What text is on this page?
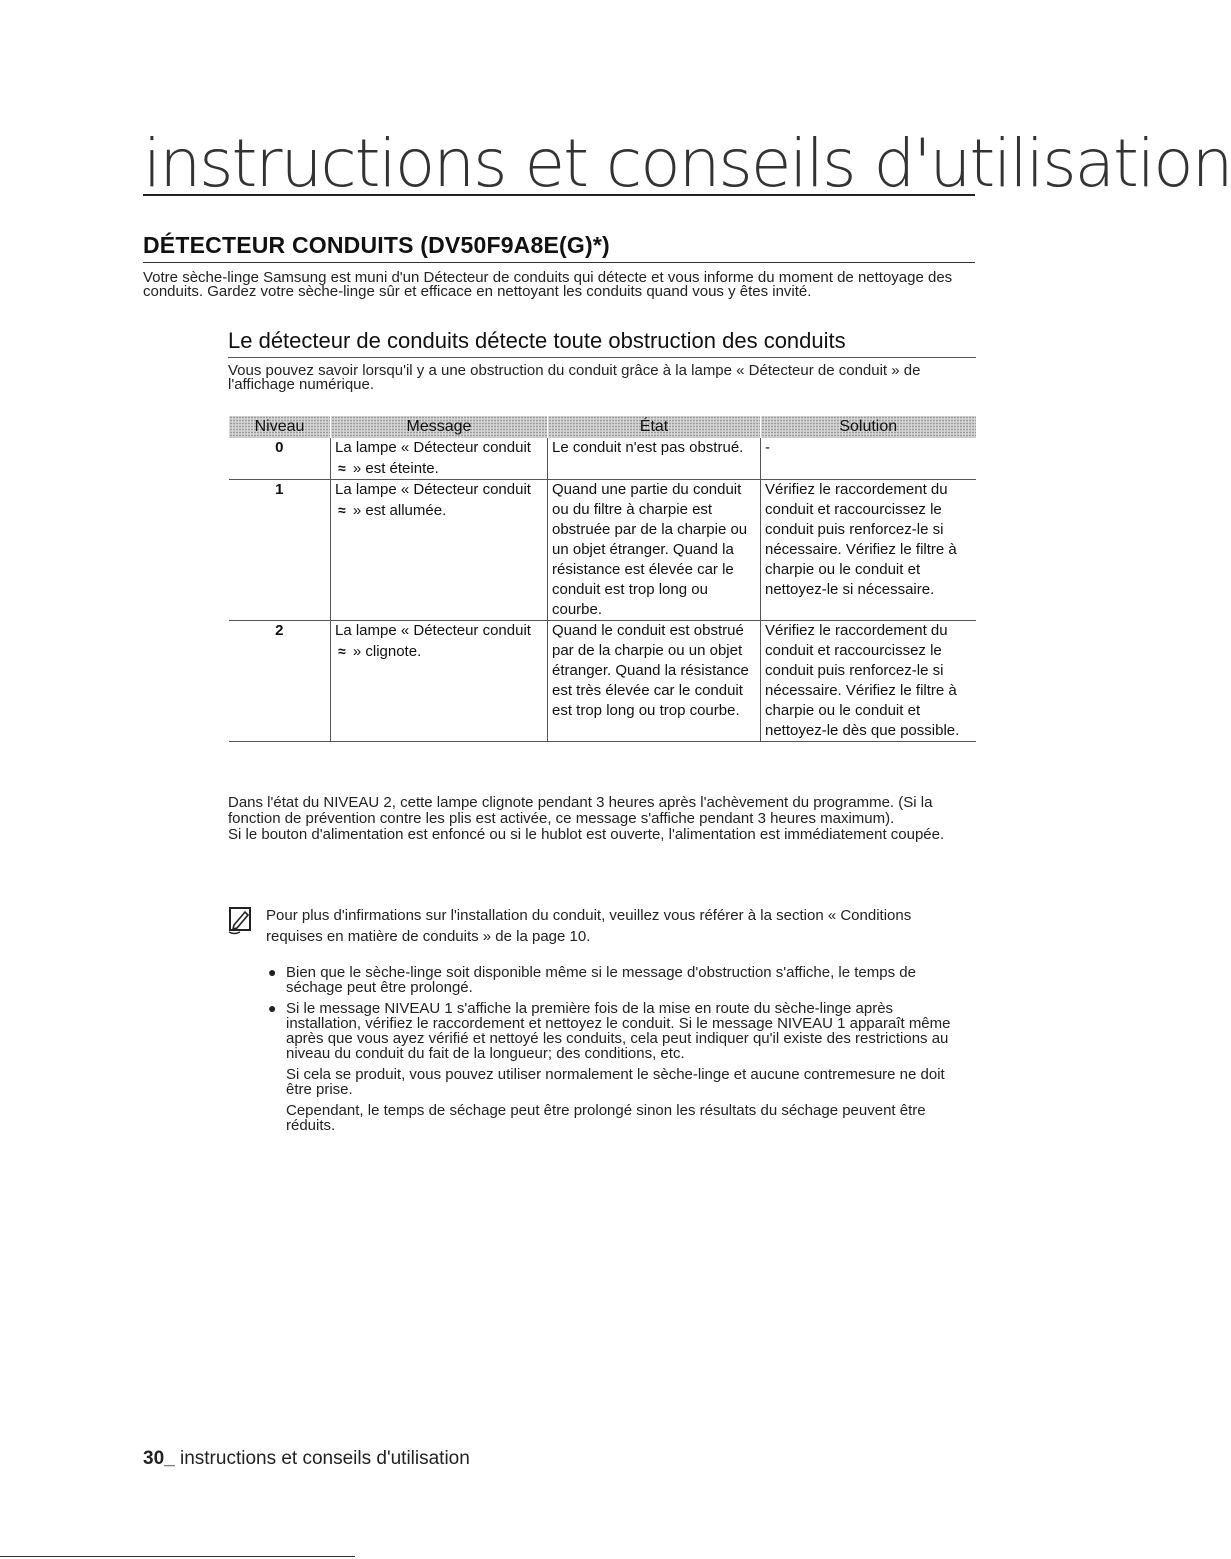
instructions et conseils d'utilisation
DÉTECTEUR CONDUITS (DV50F9A8E(G)*)
Votre sèche-linge Samsung est muni d'un Détecteur de conduits qui détecte et vous informe du moment de nettoyage des conduits. Gardez votre sèche-linge sûr et efficace en nettoyant les conduits quand vous y êtes invité.
Le détecteur de conduits détecte toute obstruction des conduits
Vous pouvez savoir lorsqu'il y a une obstruction du conduit grâce à la lampe « Détecteur de conduit » de l'affichage numérique.
Niveau	Message	État	Solution
0	La lampe « Détecteur conduit ≈ » est éteinte.	Le conduit n'est pas obstrué.	-
1	La lampe « Détecteur conduit ≈ » est allumée.	Quand une partie du conduit ou du filtre à charpie est obstruée par de la charpie ou un objet étranger. Quand la résistance est élevée car le conduit est trop long ou courbe.	Vérifiez le raccordement du conduit et raccourcissez le conduit puis renforcez-le si nécessaire. Vérifiez le filtre à charpie ou le conduit et nettoyez-le si nécessaire.
2	La lampe « Détecteur conduit ≈ » clignote.	Quand le conduit est obstrué par de la charpie ou un objet étranger. Quand la résistance est très élevée car le conduit est trop long ou trop courbe.	Vérifiez le raccordement du conduit et raccourcissez le conduit puis renforcez-le si nécessaire. Vérifiez le filtre à charpie ou le conduit et nettoyez-le dès que possible.

Dans l'état du NIVEAU 2, cette lampe clignote pendant 3 heures après l'achèvement du programme. (Si la fonction de prévention contre les plis est activée, ce message s'affiche pendant 3 heures maximum).

Si le bouton d'alimentation est enfoncé ou si le hublot est ouverte, l'alimentation est immédiatement coupée.

Pour plus d'infirmations sur l'installation du conduit, veuillez vous référer à la section « Conditions requises en matière de conduits » de la page 10.
● Bien que le sèche-linge soit disponible même si le message d'obstruction s'affiche, le temps de séchage peut être prolongé.

● Si le message NIVEAU 1 s'affiche la première fois de la mise en route du sèche-linge après installation, vérifiez le raccordement et nettoyez le conduit. Si le message NIVEAU 1 apparaît même après que vous ayez vérifié et nettoyé les conduits, cela peut indiquer qu'il existe des restrictions au niveau du conduit du fait de la longueur; des conditions, etc.

Si cela se produit, vous pouvez utiliser normalement le sèche-linge et aucune contremesure ne doit être prise.

Cependant, le temps de séchage peut être prolongé sinon les résultats du séchage peuvent être réduits.

30_ instructions et conseils d'utilisation
